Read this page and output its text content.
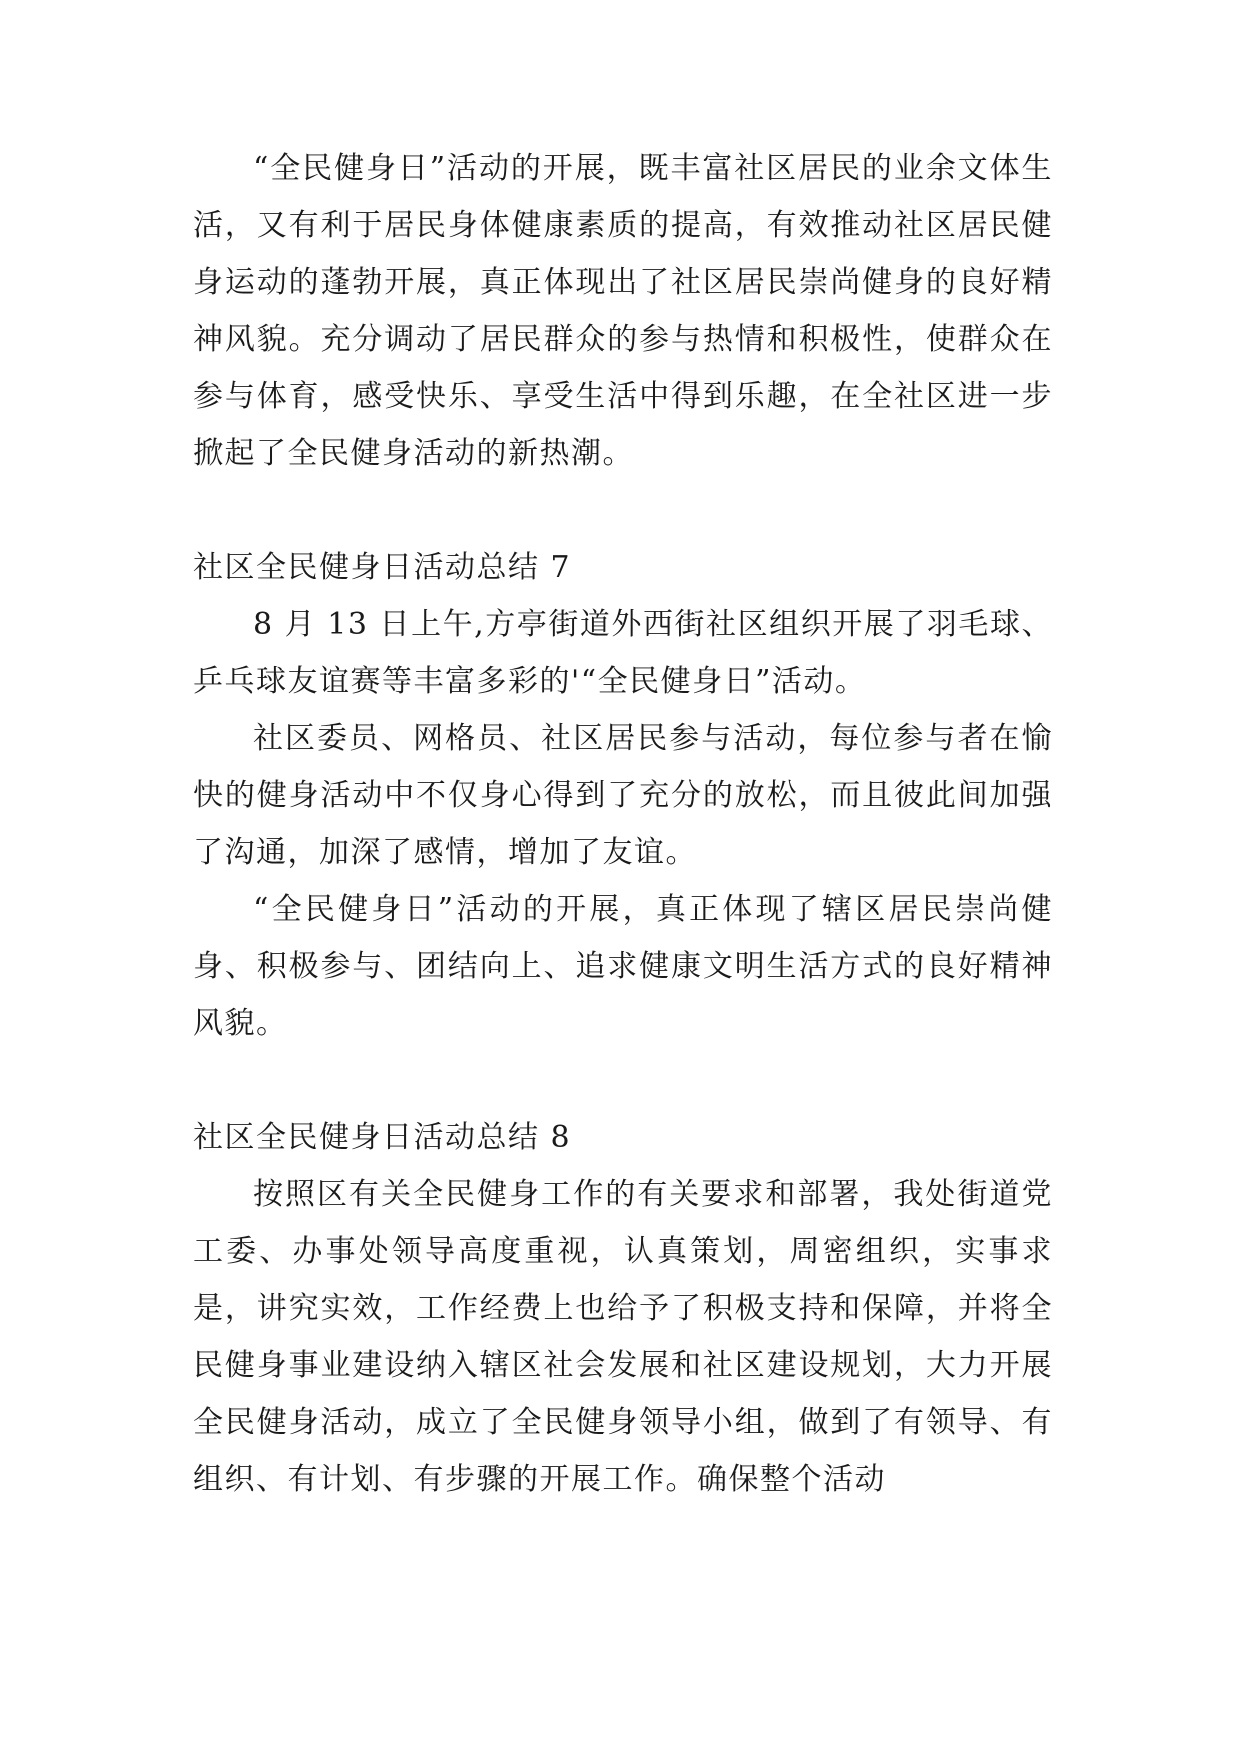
“全民健身日”活动的开展，既丰富社区居民的业余文体生活，又有利于居民身体健康素质的提高，有效推动社区居民健身运动的蓬勃开展，真正体现出了社区居民崇尚健身的良好精神风貌。充分调动了居民群众的参与热情和积极性，使群众在参与体育，感受快乐、享受生活中得到乐趣，在全社区进一步掀起了全民健身活动的新热潮。

社区全民健身日活动总结 7

8 月 13 日上午,方亭街道外西街社区组织开展了羽毛球、乒乓球友谊赛等丰富多彩的'“全民健身日”活动。

社区委员、网格员、社区居民参与活动，每位参与者在愉快的健身活动中不仅身心得到了充分的放松，而且彼此间加强了沟通，加深了感情，增加了友谊。

“全民健身日”活动的开展，真正体现了辖区居民崇尚健身、积极参与、团结向上、追求健康文明生活方式的良好精神风貌。

社区全民健身日活动总结 8

按照区有关全民健身工作的有关要求和部署，我处街道党工委、办事处领导高度重视，认真策划，周密组织，实事求是，讲究实效，工作经费上也给予了积极支持和保障，并将全民健身事业建设纳入辖区社会发展和社区建设规划，大力开展全民健身活动，成立了全民健身领导小组，做到了有领导、有组织、有计划、有步骤的开展工作。确保整个活动
